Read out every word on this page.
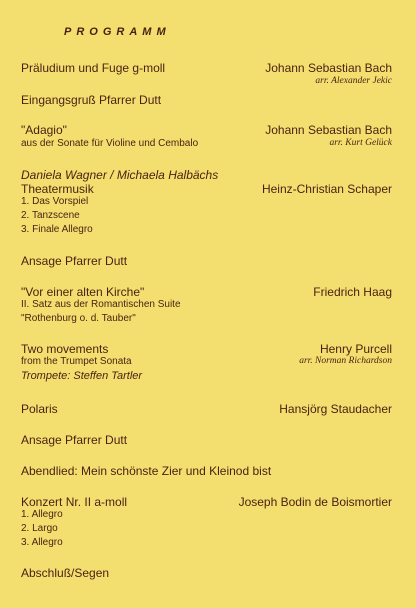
PROGRAMM
Präludium und Fuge g-moll	Johann Sebastian Bach
arr. Alexander Jekic
Eingangsgruß Pfarrer Dutt
"Adagio"	Johann Sebastian Bach
aus der Sonate für Violine und Cembalo	arr. Kurt Gelück
Daniela Wagner / Michaela Halbächs
Theatermusik	Heinz-Christian Schaper
1. Das Vorspiel
2. Tanzscene
3. Finale Allegro
Ansage Pfarrer Dutt
"Vor einer alten Kirche"	Friedrich Haag
II. Satz aus der Romantischen Suite
"Rothenburg o. d. Tauber"
Two movements	Henry Purcell
from the Trumpet Sonata	arr. Norman Richardson
Trompete: Steffen Tartler
Polaris	Hansjörg Staudacher
Ansage Pfarrer Dutt
Abendlied: Mein schönste Zier und Kleinod bist
Konzert Nr. II a-moll	Joseph Bodin de Boismortier
1. Allegro
2. Largo
3. Allegro
Abschluß/Segen
